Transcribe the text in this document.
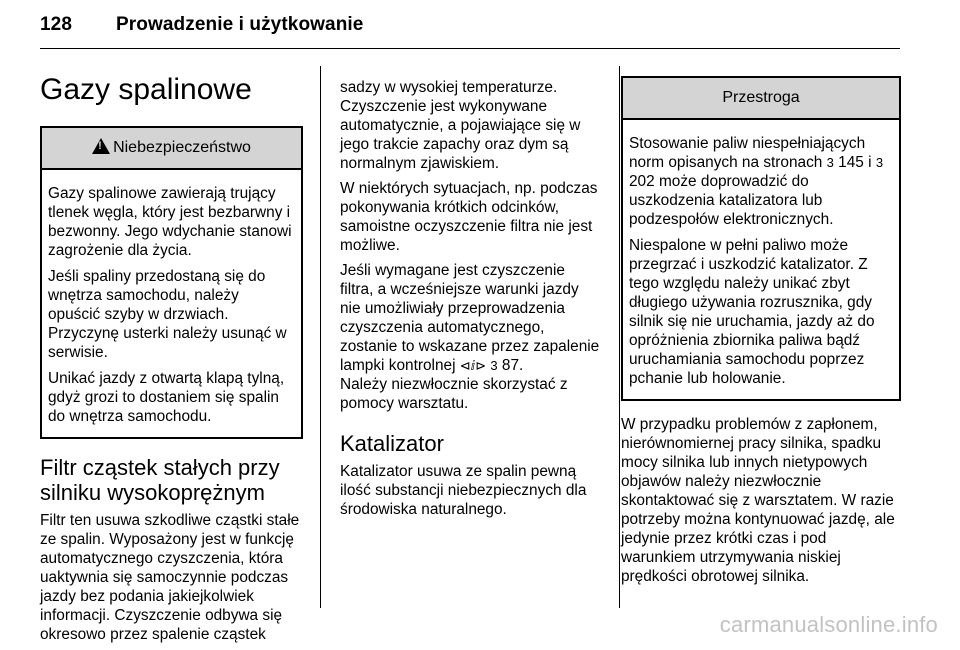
128 Prowadzenie i użytkowanie
Gazy spalinowe
!Niebezpieczeństwo

Gazy spalinowe zawierają trujący tlenek węgla, który jest bezbarwny i bezwonny. Jego wdychanie stanowi zagrożenie dla życia.

Jeśli spaliny przedostaną się do wnętrza samochodu, należy opuścić szyby w drzwiach. Przyczynę usterki należy usunąć w serwisie.

Unikać jazdy z otwartą klapą tylną, gdyż grozi to dostaniem się spalin do wnętrza samochodu.

Filtr cząstek stałych przy silniku wysokoprężnym

Filtr ten usuwa szkodliwe cząstki stałe ze spalin. Wyposażony jest w funkcję automatycznego czyszczenia, która uaktywnia się samoczynnie podczas jazdy bez podania jakiejkolwiek informacji. Czyszczenie odbywa się okresowo przez spalenie cząstek

sadzy w wysokiej temperaturze. Czyszczenie jest wykonywane automatycznie, a pojawiające się w jego trakcie zapachy oraz dym są normalnym zjawiskiem.

W niektórych sytuacjach, np. podczas pokonywania krótkich odcinków, samoistne oczyszczenie filtra nie jest możliwe.

Jeśli wymagane jest czyszczenie filtra, a wcześniejsze warunki jazdy nie umożliwiały przeprowadzenia czyszczenia automatycznego, zostanie to wskazane przez zapalenie lampki kontrolnej ⊲ⅈ⊳ 3 87.

Należy niezwłocznie skorzystać z pomocy warsztatu.

Katalizator

Katalizator usuwa ze spalin pewną ilość substancji niebezpiecznych dla środowiska naturalnego.

Przestroga

Stosowanie paliw niespełniających norm opisanych na stronach 3 145 i 3 202 może doprowadzić do uszkodzenia katalizatora lub podzespołów elektronicznych.

Niespalone w pełni paliwo może przegrzać i uszkodzić katalizator. Z tego względu należy unikać zbyt długiego używania rozrusznika, gdy silnik się nie uruchamia, jazdy aż do opróżnienia zbiornika paliwa bądź uruchamiania samochodu poprzez pchanie lub holowanie.

W przypadku problemów z zapłonem, nierównomiernej pracy silnika, spadku mocy silnika lub innych nietypowych objawów należy niezwłocznie skontaktować się z warsztatem. W razie potrzeby można kontynuować jazdę, ale jedynie przez krótki czas i pod warunkiem utrzymywania niskiej prędkości obrotowej silnika.

carmanualsonline.info
